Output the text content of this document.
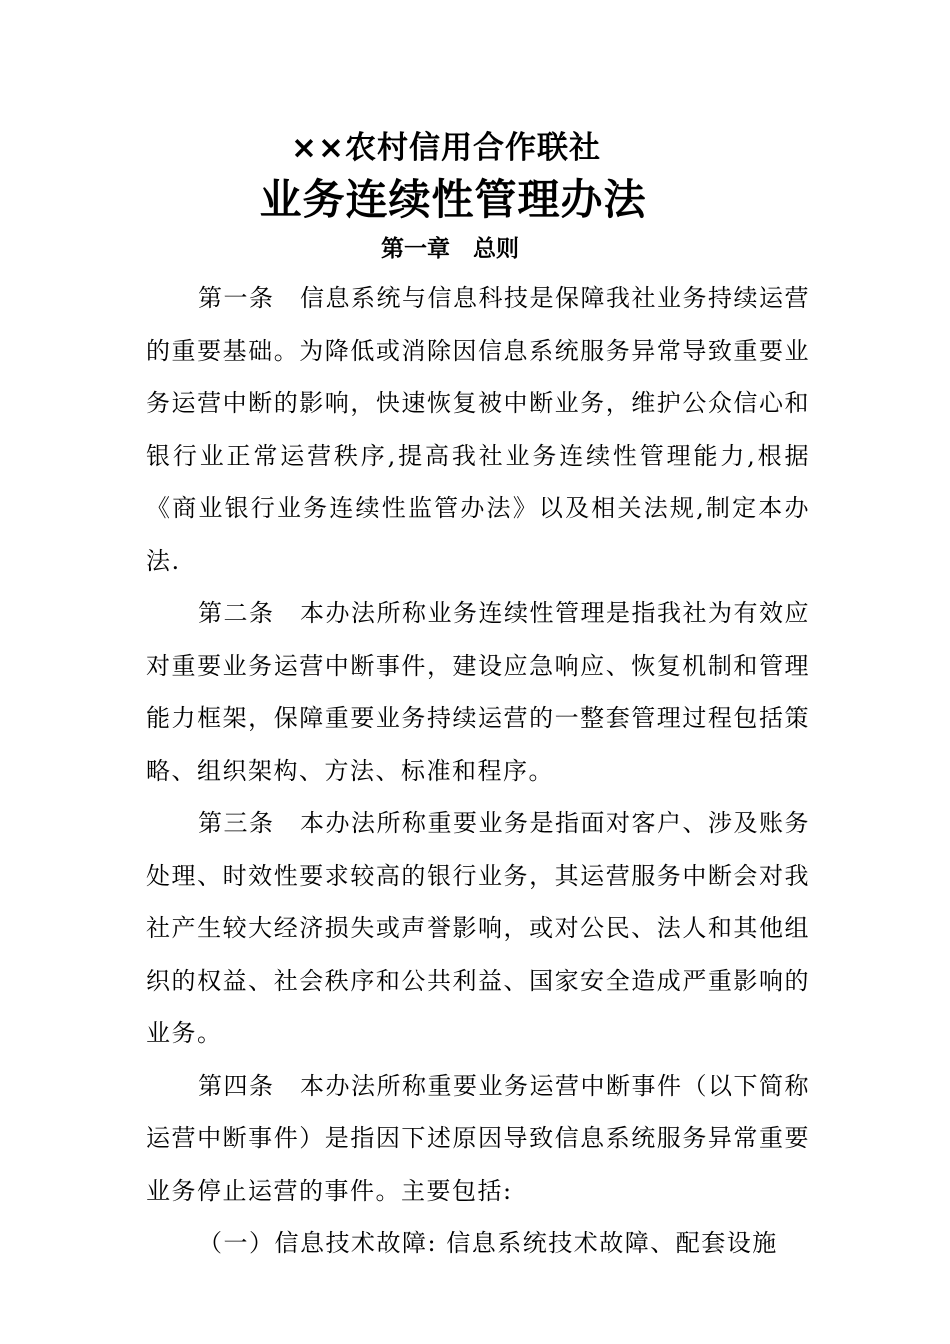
××农村信用合作联社
业务连续性管理办法
第一章　总则

第一条　信息系统与信息科技是保障我社业务持续运营的重要基础。为降低或消除因信息系统服务异常导致重要业务运营中断的影响，快速恢复被中断业务，维护公众信心和银行业正常运营秩序,提高我社业务连续性管理能力,根据《商业银行业务连续性监管办法》以及相关法规,制定本办法.

第二条　本办法所称业务连续性管理是指我社为有效应对重要业务运营中断事件，建设应急响应、恢复机制和管理能力框架，保障重要业务持续运营的一整套管理过程包括策略、组织架构、方法、标准和程序。

第三条　本办法所称重要业务是指面对客户、涉及账务处理、时效性要求较高的银行业务，其运营服务中断会对我社产生较大经济损失或声誉影响，或对公民、法人和其他组织的权益、社会秩序和公共利益、国家安全造成严重影响的业务。

第四条　本办法所称重要业务运营中断事件（以下简称运营中断事件）是指因下述原因导致信息系统服务异常重要业务停止运营的事件。主要包括:

（一）信息技术故障: 信息系统技术故障、配套设施
